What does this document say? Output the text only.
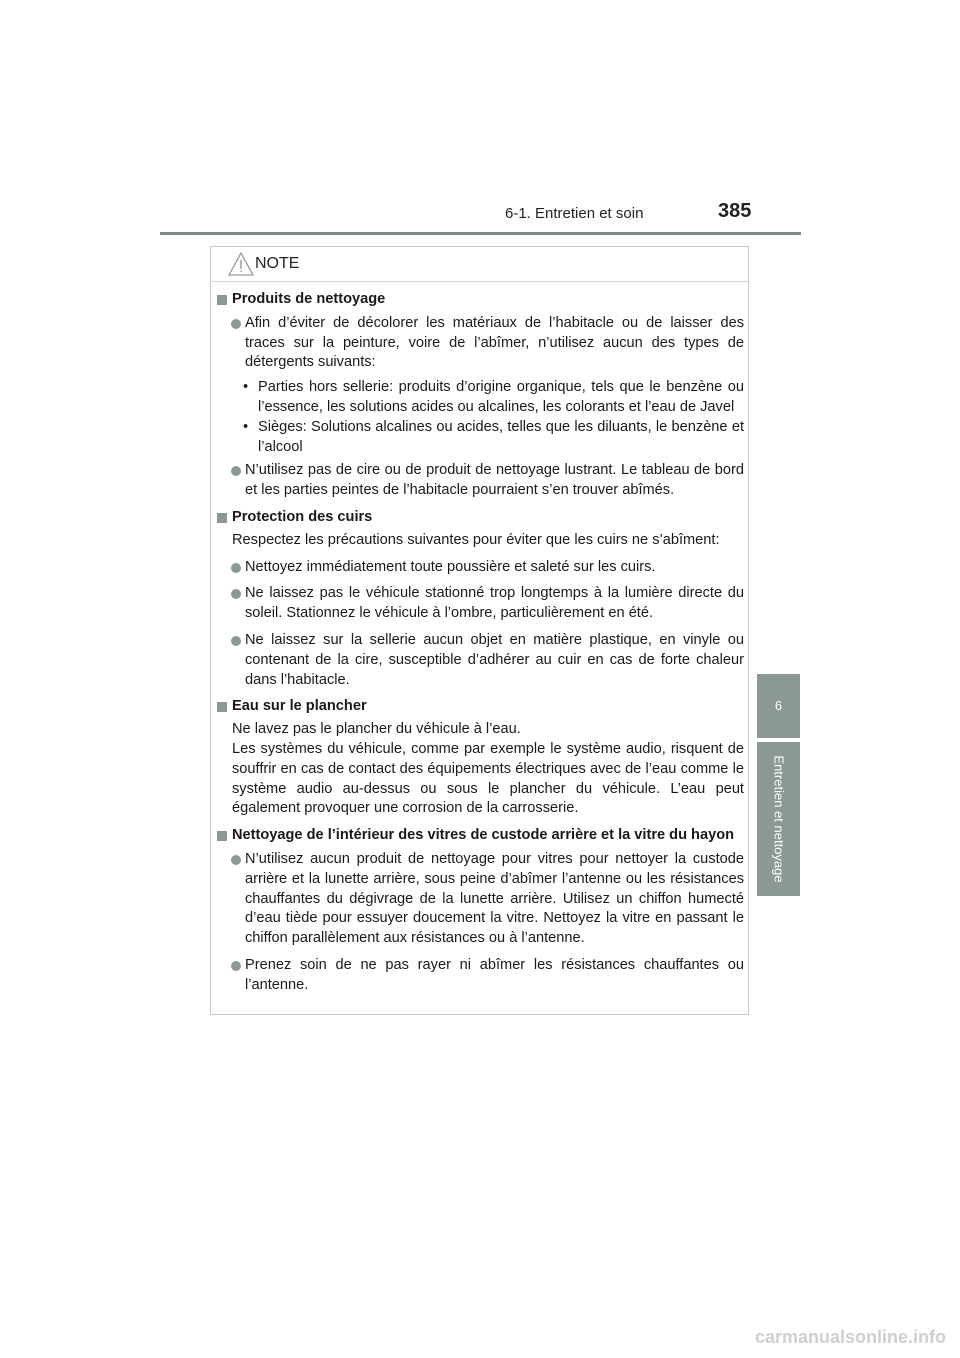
6-1. Entretien et soin	385
6
Entretien et nettoyage
NOTE
Produits de nettoyage
Afin d’éviter de décolorer les matériaux de l’habitacle ou de laisser des traces sur la peinture, voire de l’abîmer, n’utilisez aucun des types de détergents suivants:
• Parties hors sellerie: produits d’origine organique, tels que le benzène ou l’essence, les solutions acides ou alcalines, les colorants et l’eau de Javel
• Sièges: Solutions alcalines ou acides, telles que les diluants, le benzène et l’alcool
N’utilisez pas de cire ou de produit de nettoyage lustrant. Le tableau de bord et les parties peintes de l’habitacle pourraient s’en trouver abîmés.
Protection des cuirs
Respectez les précautions suivantes pour éviter que les cuirs ne s’abîment:
Nettoyez immédiatement toute poussière et saleté sur les cuirs.
Ne laissez pas le véhicule stationné trop longtemps à la lumière directe du soleil. Stationnez le véhicule à l’ombre, particulièrement en été.
Ne laissez sur la sellerie aucun objet en matière plastique, en vinyle ou contenant de la cire, susceptible d’adhérer au cuir en cas de forte chaleur dans l’habitacle.
Eau sur le plancher
Ne lavez pas le plancher du véhicule à l’eau.
Les systèmes du véhicule, comme par exemple le système audio, risquent de souffrir en cas de contact des équipements électriques avec de l’eau comme le système audio au-dessus ou sous le plancher du véhicule. L’eau peut également provoquer une corrosion de la carrosserie.
Nettoyage de l’intérieur des vitres de custode arrière et la vitre du hayon
N’utilisez aucun produit de nettoyage pour vitres pour nettoyer la custode arrière et la lunette arrière, sous peine d’abîmer l’antenne ou les résistances chauffantes du dégivrage de la lunette arrière. Utilisez un chiffon humecté d’eau tiède pour essuyer doucement la vitre. Nettoyez la vitre en passant le chiffon parallèlement aux résistances ou à l’antenne.
Prenez soin de ne pas rayer ni abîmer les résistances chauffantes ou l’antenne.
carmanualsonline.info
